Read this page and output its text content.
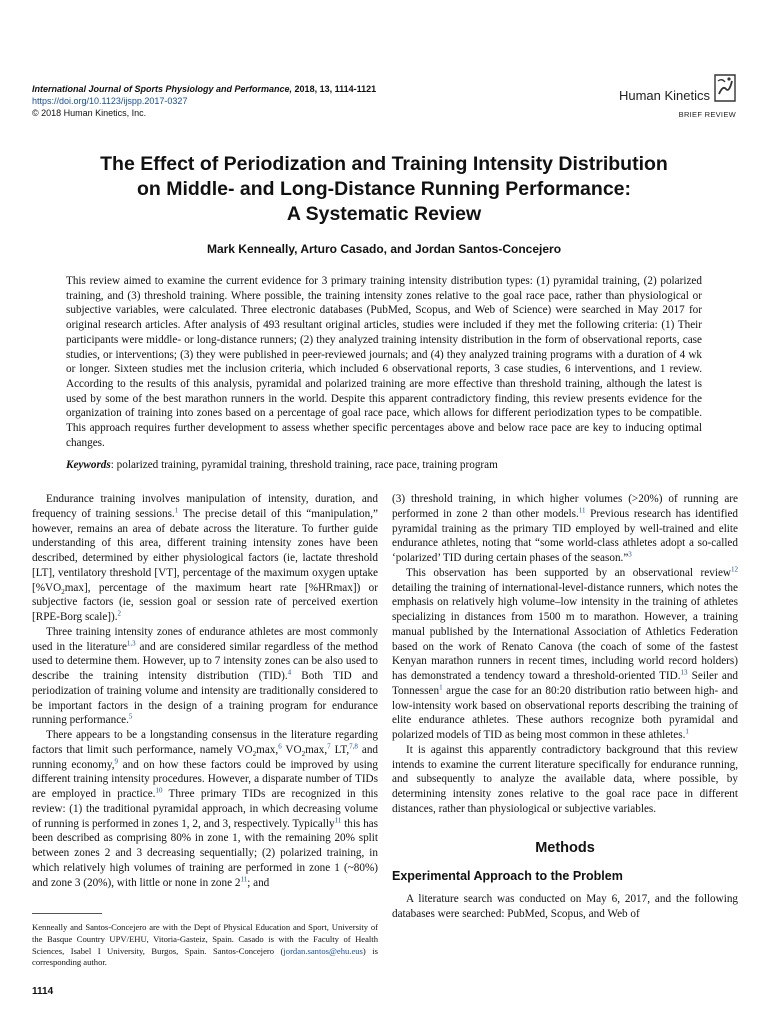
International Journal of Sports Physiology and Performance, 2018, 13, 1114-1121
https://doi.org/10.1123/ijspp.2017-0327
© 2018 Human Kinetics, Inc.
Human Kinetics
BRIEF REVIEW
The Effect of Periodization and Training Intensity Distribution
on Middle- and Long-Distance Running Performance:
A Systematic Review
Mark Kenneally, Arturo Casado, and Jordan Santos-Concejero

This review aimed to examine the current evidence for 3 primary training intensity distribution types: (1) pyramidal training, (2) polarized training, and (3) threshold training. Where possible, the training intensity zones relative to the goal race pace, rather than physiological or subjective variables, were calculated. Three electronic databases (PubMed, Scopus, and Web of Science) were searched in May 2017 for original research articles. After analysis of 493 resultant original articles, studies were included if they met the following criteria: (1) Their participants were middle- or long-distance runners; (2) they analyzed training intensity distribution in the form of observational reports, case studies, or interventions; (3) they were published in peer-reviewed journals; and (4) they analyzed training programs with a duration of 4 wk or longer. Sixteen studies met the inclusion criteria, which included 6 observational reports, 3 case studies, 6 interventions, and 1 review. According to the results of this analysis, pyramidal and polarized training are more effective than threshold training, although the latest is used by some of the best marathon runners in the world. Despite this apparent contradictory finding, this review presents evidence for the organization of training into zones based on a percentage of goal race pace, which allows for different periodization types to be compatible. This approach requires further development to assess whether specific percentages above and below race pace are key to inducing optimal changes.

Keywords: polarized training, pyramidal training, threshold training, race pace, training program

Endurance training involves manipulation of intensity, duration, and frequency of training sessions.$^1$ The precise detail of this “manipulation,” however, remains an area of debate across the literature. To further guide understanding of this area, different training intensity zones have been described, determined by either physiological factors (ie, lactate threshold [LT], ventilatory threshold [VT], percentage of the maximum oxygen uptake $[\%VO_2\max]$, percentage of the maximum heart rate [%HRmax]) or subjective factors (ie, session goal or session rate of perceived exertion [RPE-Borg scale]).$^2$

Three training intensity zones of endurance athletes are most commonly used in the literature$^{1,3}$ and are considered similar regardless of the method used to determine them. However, up to 7 intensity zones can be also used to describe the training intensity distribution (TID).$^4$ Both TID and periodization of training volume and intensity are traditionally considered to be important factors in the design of a training program for endurance running performance.$^5$

There appears to be a longstanding consensus in the literature regarding factors that limit such performance, namely $VO_2\max,^6$ $VO_2\max,^7$ LT,$^{7,8}$ and running economy,$^9$ and on how these factors could be improved by using different training intensity procedures. However, a disparate number of TIDs are employed in practice.$^{10}$ Three primary TIDs are recognized in this review: (1) the traditional pyramidal approach, in which decreasing volume of running is performed in zones 1, 2, and 3, respectively. Typically$^{11}$ this has been described as comprising 80% in zone 1, with the remaining 20% split between zones 2 and 3 decreasing sequentially; (2) polarized training, in which relatively high volumes of training are performed in zone 1 (~80%) and zone 3 (20%), with little or none in zone $2^{11}$; and

(3) threshold training, in which higher volumes (>20%) of running are performed in zone 2 than other models.$^{11}$ Previous research has identified pyramidal training as the primary TID employed by well-trained and elite endurance athletes, noting that “some world-class athletes adopt a so-called ‘polarized’ TID during certain phases of the season.”$^3$

This observation has been supported by an observational review$^{12}$ detailing the training of international-level-distance runners, which notes the emphasis on relatively high volume–low intensity in the training of athletes specializing in distances from 1500 m to marathon. However, a training manual published by the International Association of Athletics Federation based on the work of Renato Canova (the coach of some of the fastest Kenyan marathon runners in recent times, including world record holders) has demonstrated a tendency toward a threshold-oriented TID.$^{13}$ Seiler and Tonnessen$^1$ argue the case for an 80:20 distribution ratio between high- and low-intensity work based on observational reports describing the training of elite endurance athletes. These authors recognize both pyramidal and polarized models of TID as being most common in these athletes.$^1$

It is against this apparently contradictory background that this review intends to examine the current literature specifically for endurance running, and subsequently to analyze the available data, where possible, by determining intensity zones relative to the goal race pace in different distances, rather than physiological or subjective variables.

Methods
Experimental Approach to the Problem

A literature search was conducted on May 6, 2017, and the following databases were searched: PubMed, Scopus, and Web of

Kenneally and Santos-Concejero are with the Dept of Physical Education and Sport, University of the Basque Country UPV/EHU, Vitoria-Gasteiz, Spain. Casado is with the Faculty of Health Sciences, Isabel I University, Burgos, Spain. Santos-Concejero (jordan.santos@ehu.eus) is corresponding author.

1114
